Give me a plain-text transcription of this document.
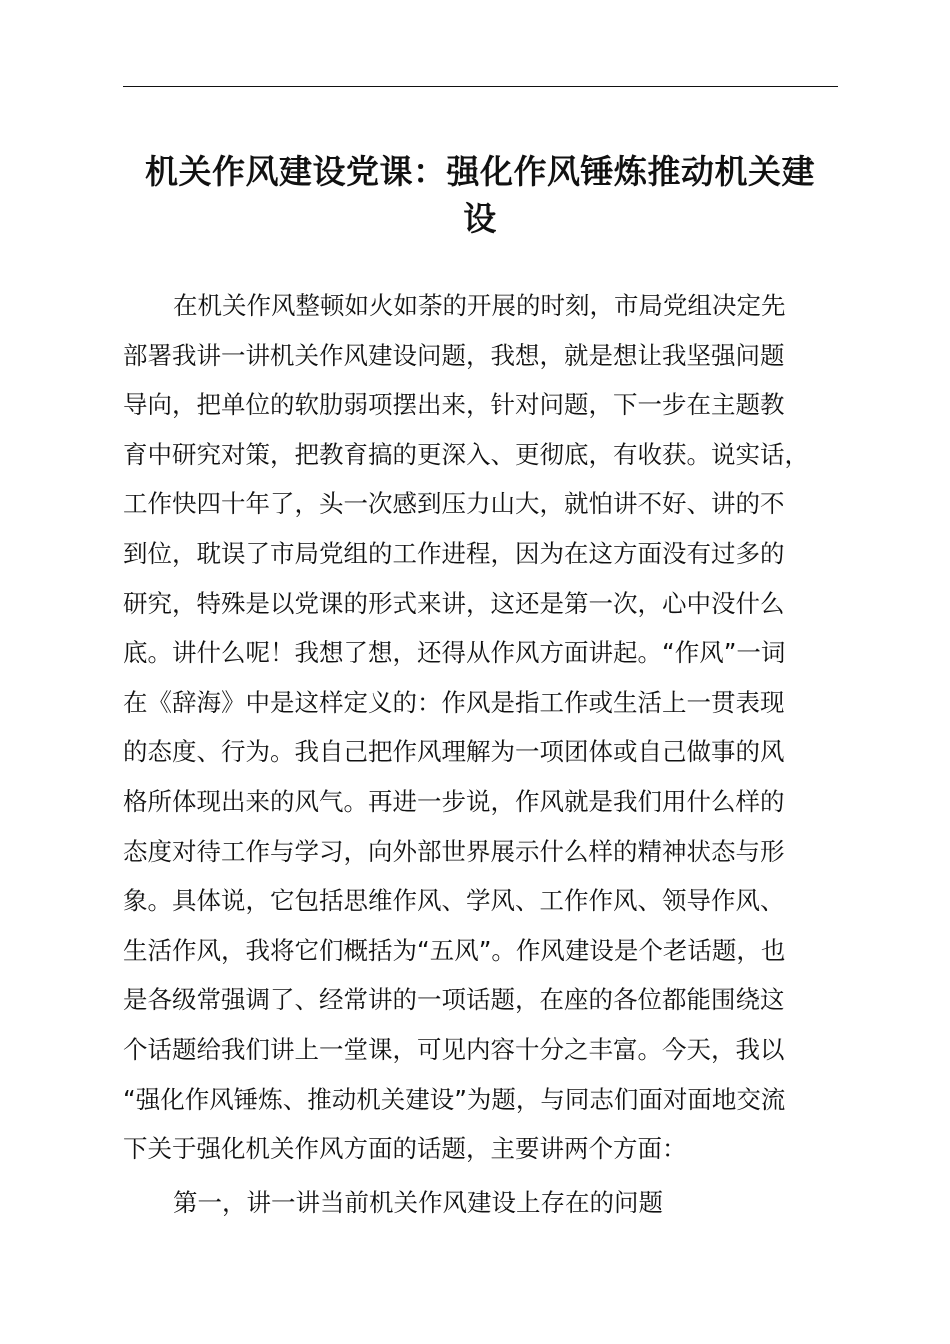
机关作风建设党课：强化作风锤炼推动机关建
设
在机关作风整顿如火如荼的开展的时刻，市局党组决定先
部署我讲一讲机关作风建设问题，我想，就是想让我坚强问题
导向，把单位的软肋弱项摆出来，针对问题，下一步在主题教
育中研究对策，把教育搞的更深入、更彻底，有收获。说实话，
工作快四十年了，头一次感到压力山大，就怕讲不好、讲的不
到位，耽误了市局党组的工作进程，因为在这方面没有过多的
研究，特殊是以党课的形式来讲，这还是第一次，心中没什么
底。讲什么呢！我想了想，还得从作风方面讲起。“作风”一词
在《辞海》中是这样定义的：作风是指工作或生活上一贯表现
的态度、行为。我自己把作风理解为一项团体或自己做事的风
格所体现出来的风气。再进一步说，作风就是我们用什么样的
态度对待工作与学习，向外部世界展示什么样的精神状态与形
象。具体说，它包括思维作风、学风、工作作风、领导作风、
生活作风，我将它们概括为“五风”。作风建设是个老话题，也
是各级常强调了、经常讲的一项话题，在座的各位都能围绕这
个话题给我们讲上一堂课，可见内容十分之丰富。今天，我以
“强化作风锤炼、推动机关建设”为题，与同志们面对面地交流
下关于强化机关作风方面的话题，主要讲两个方面：
第一，讲一讲当前机关作风建设上存在的问题
